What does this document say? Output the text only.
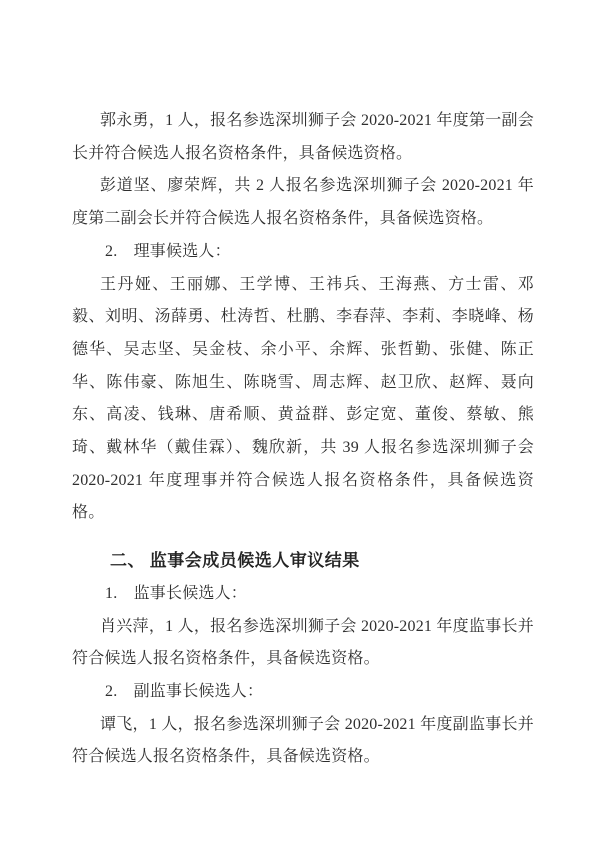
郭永勇，1 人，报名参选深圳狮子会 2020-2021 年度第一副会长并符合候选人报名资格条件，具备候选资格。

彭道坚、廖荣辉，共 2 人报名参选深圳狮子会 2020-2021 年度第二副会长并符合候选人报名资格条件，具备候选资格。

2.　理事候选人：

王丹娅、王丽娜、王学博、王祎兵、王海燕、方士雷、邓毅、刘明、汤薛勇、杜涛哲、杜鹏、李春萍、李莉、李晓峰、杨德华、吴志坚、吴金枝、余小平、余辉、张哲勤、张健、陈正华、陈伟豪、陈旭生、陈晓雪、周志辉、赵卫欣、赵辉、聂向东、高凌、钱琳、唐希顺、黄益群、彭定宽、董俊、蔡敏、熊琦、戴林华（戴佳霖）、魏欣新，共 39 人报名参选深圳狮子会 2020-2021 年度理事并符合候选人报名资格条件，具备候选资格。

二、 监事会成员候选人审议结果

1.　监事长候选人：

肖兴萍，1 人，报名参选深圳狮子会 2020-2021 年度监事长并符合候选人报名资格条件，具备候选资格。

2.　副监事长候选人：

谭飞，1 人，报名参选深圳狮子会 2020-2021 年度副监事长并符合候选人报名资格条件，具备候选资格。
